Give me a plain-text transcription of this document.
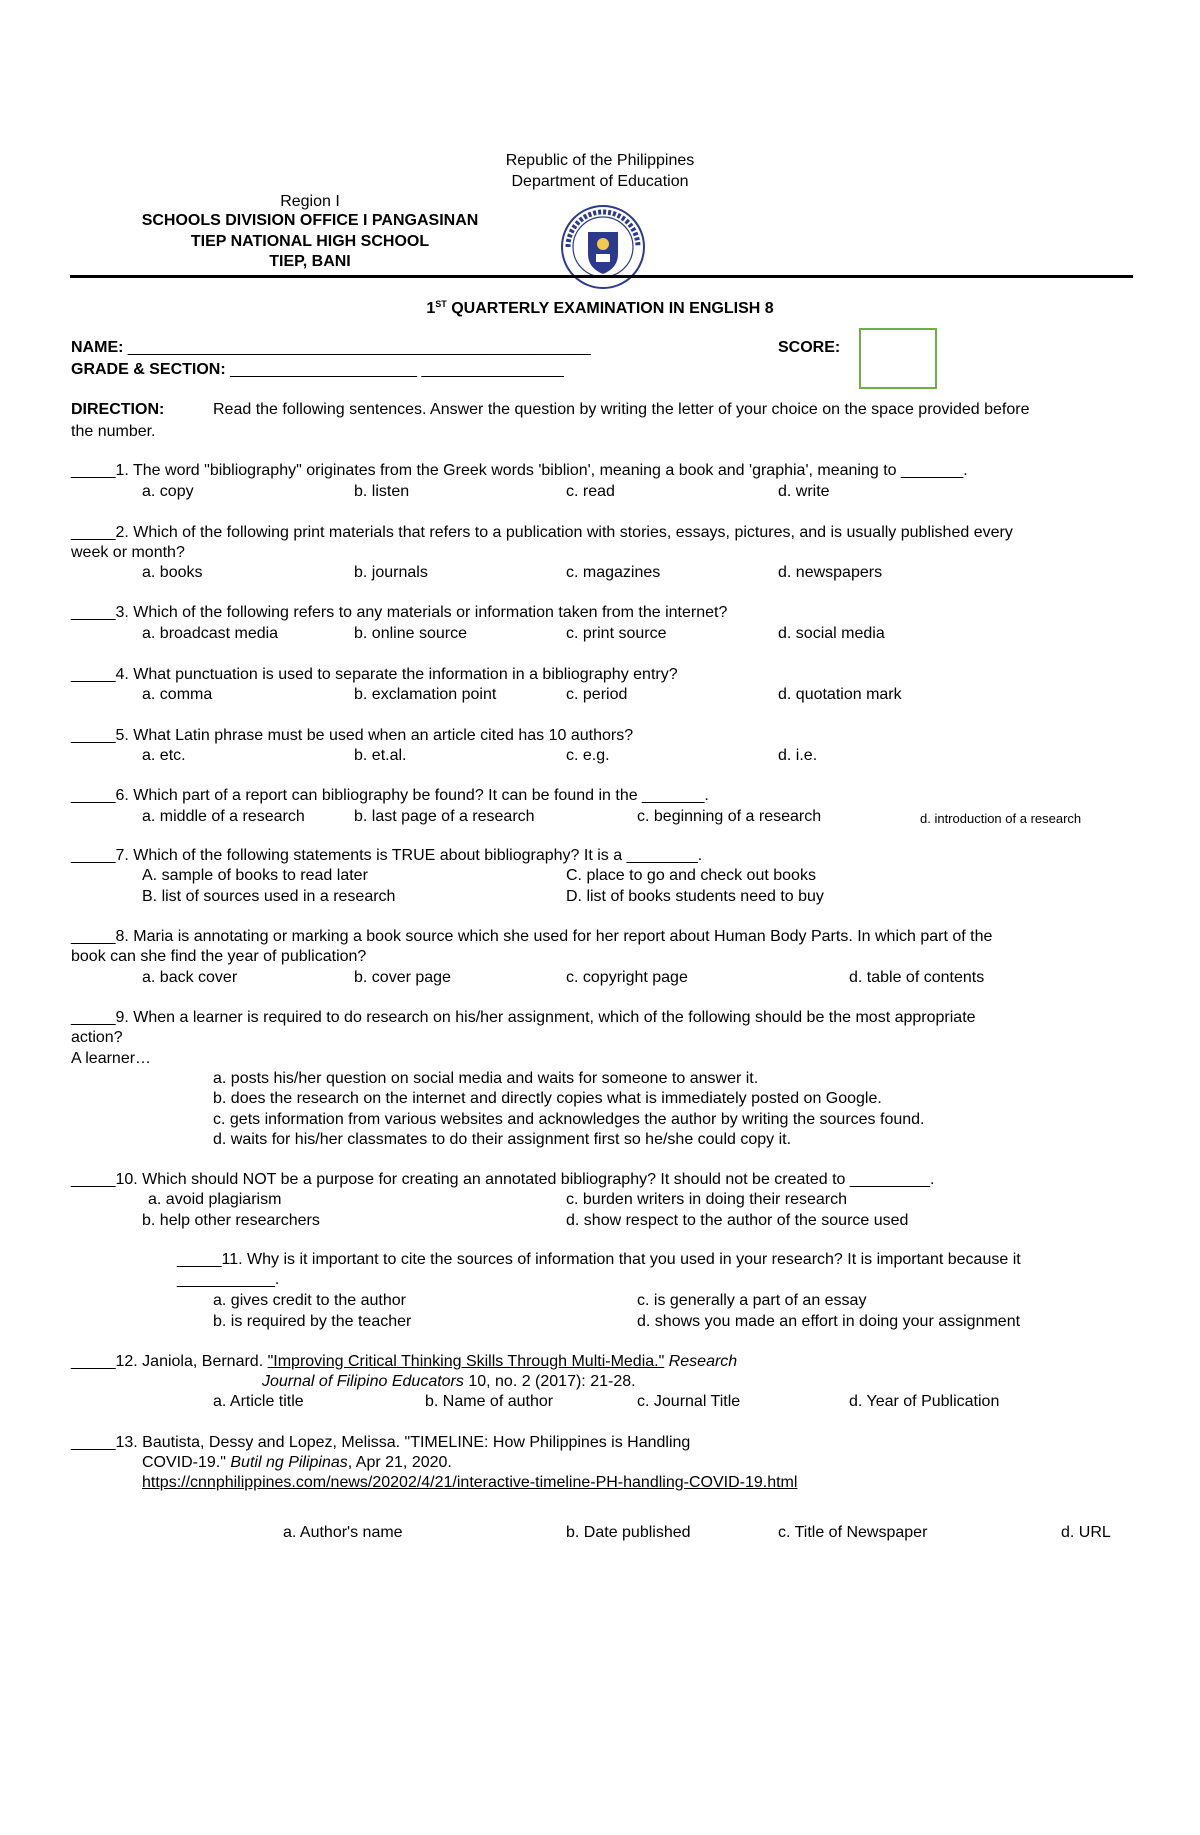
Republic of the Philippines
Department of Education
Region I
SCHOOLS DIVISION OFFICE I PANGASINAN
TIEP NATIONAL HIGH SCHOOL
TIEP, BANI
1ST QUARTERLY EXAMINATION IN ENGLISH 8
NAME: ____________________________________________________	SCORE:
GRADE & SECTION: _____________________ ________________
DIRECTION:	Read the following sentences. Answer the question by writing the letter of your choice on the space provided before
the number.
_____1. The word "bibliography" originates from the Greek words 'biblion', meaning a book and 'graphia', meaning to _______.
a. copy	b. listen	c. read	d. write
_____2. Which of the following print materials that refers to a publication with stories, essays, pictures, and is usually published every
week or month?
a. books	b. journals	c. magazines	d. newspapers
_____3. Which of the following refers to any materials or information taken from the internet?
a. broadcast media	b. online source	c. print source	d. social media
_____4. What punctuation is used to separate the information in a bibliography entry?
a. comma	b. exclamation point	c. period	d. quotation mark
_____5. What Latin phrase must be used when an article cited has 10 authors?
a. etc.	b. et.al.	c. e.g.	d. i.e.
_____6. Which part of a report can bibliography be found? It can be found in the _______.
a. middle of a research	b. last page of a research	c. beginning of a research	d. introduction of a research
_____7. Which of the following statements is TRUE about bibliography? It is a ________.
A. sample of books to read later	C. place to go and check out books
B. list of sources used in a research	D. list of books students need to buy
_____8. Maria is annotating or marking a book source which she used for her report about Human Body Parts. In which part of the
book can she find the year of publication?
a. back cover	b. cover page	c. copyright page	d. table of contents
_____9. When a learner is required to do research on his/her assignment, which of the following should be the most appropriate
action?
A learner…
a. posts his/her question on social media and waits for someone to answer it.
b. does the research on the internet and directly copies what is immediately posted on Google.
c. gets information from various websites and acknowledges the author by writing the sources found.
d. waits for his/her classmates to do their assignment first so he/she could copy it.
_____10. Which should NOT be a purpose for creating an annotated bibliography? It should not be created to _________.
a. avoid plagiarism	c. burden writers in doing their research
b. help other researchers	d. show respect to the author of the source used
_____11. Why is it important to cite the sources of information that you used in your research? It is important because it
___________.
a. gives credit to the author	c. is generally a part of an essay
b. is required by the teacher	d. shows you made an effort in doing your assignment
_____12. Janiola, Bernard. "Improving Critical Thinking Skills Through Multi-Media." Research
Journal of Filipino Educators 10, no. 2 (2017): 21-28.
a. Article title	b. Name of author	c. Journal Title	d. Year of Publication
_____13. Bautista, Dessy and Lopez, Melissa. "TIMELINE: How Philippines is Handling
COVID-19." Butil ng Pilipinas, Apr 21, 2020.
https://cnnphilippines.com/news/20202/4/21/interactive-timeline-PH-handling-COVID-19.html
a. Author's name	b. Date published	c. Title of Newspaper	d. URL
